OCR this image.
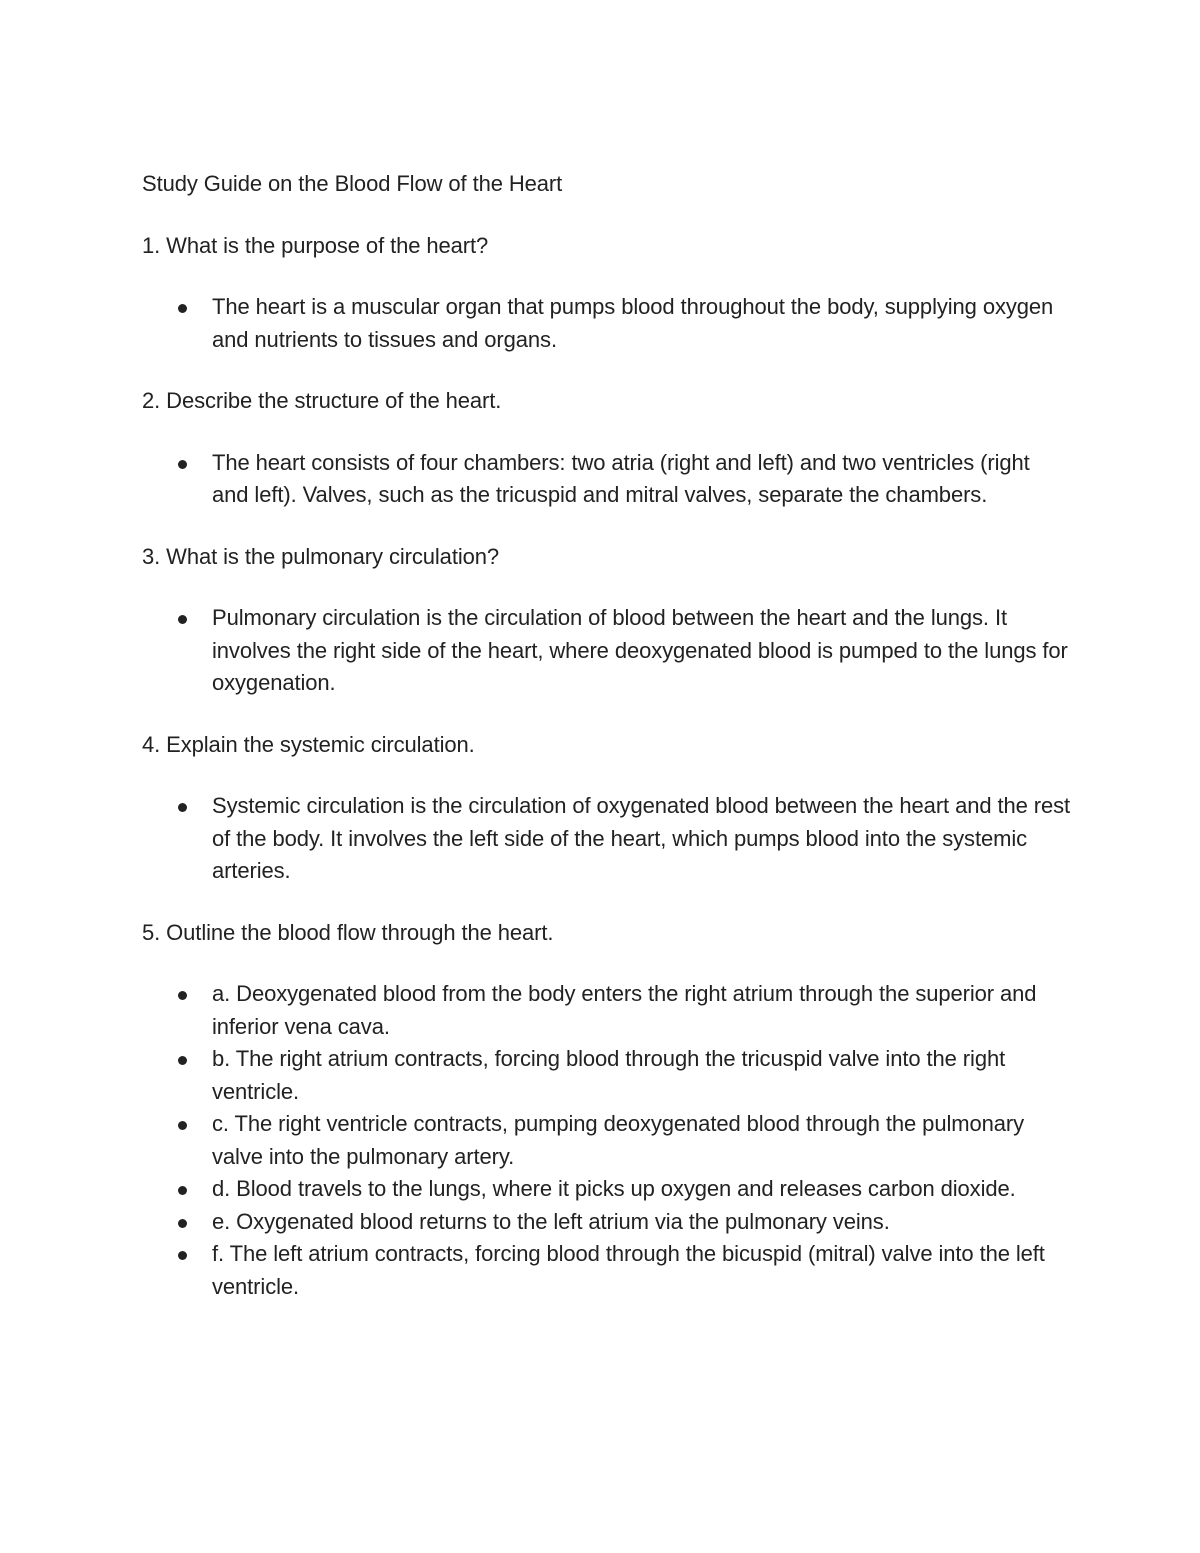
Study Guide on the Blood Flow of the Heart

1. What is the purpose of the heart?

The heart is a muscular organ that pumps blood throughout the body, supplying oxygen and nutrients to tissues and organs.

2. Describe the structure of the heart.

The heart consists of four chambers: two atria (right and left) and two ventricles (right and left). Valves, such as the tricuspid and mitral valves, separate the chambers.

3. What is the pulmonary circulation?

Pulmonary circulation is the circulation of blood between the heart and the lungs. It involves the right side of the heart, where deoxygenated blood is pumped to the lungs for oxygenation.

4. Explain the systemic circulation.

Systemic circulation is the circulation of oxygenated blood between the heart and the rest of the body. It involves the left side of the heart, which pumps blood into the systemic arteries.

5. Outline the blood flow through the heart.

a. Deoxygenated blood from the body enters the right atrium through the superior and inferior vena cava.
b. The right atrium contracts, forcing blood through the tricuspid valve into the right ventricle.
c. The right ventricle contracts, pumping deoxygenated blood through the pulmonary valve into the pulmonary artery.
d. Blood travels to the lungs, where it picks up oxygen and releases carbon dioxide.
e. Oxygenated blood returns to the left atrium via the pulmonary veins.
f. The left atrium contracts, forcing blood through the bicuspid (mitral) valve into the left ventricle.
